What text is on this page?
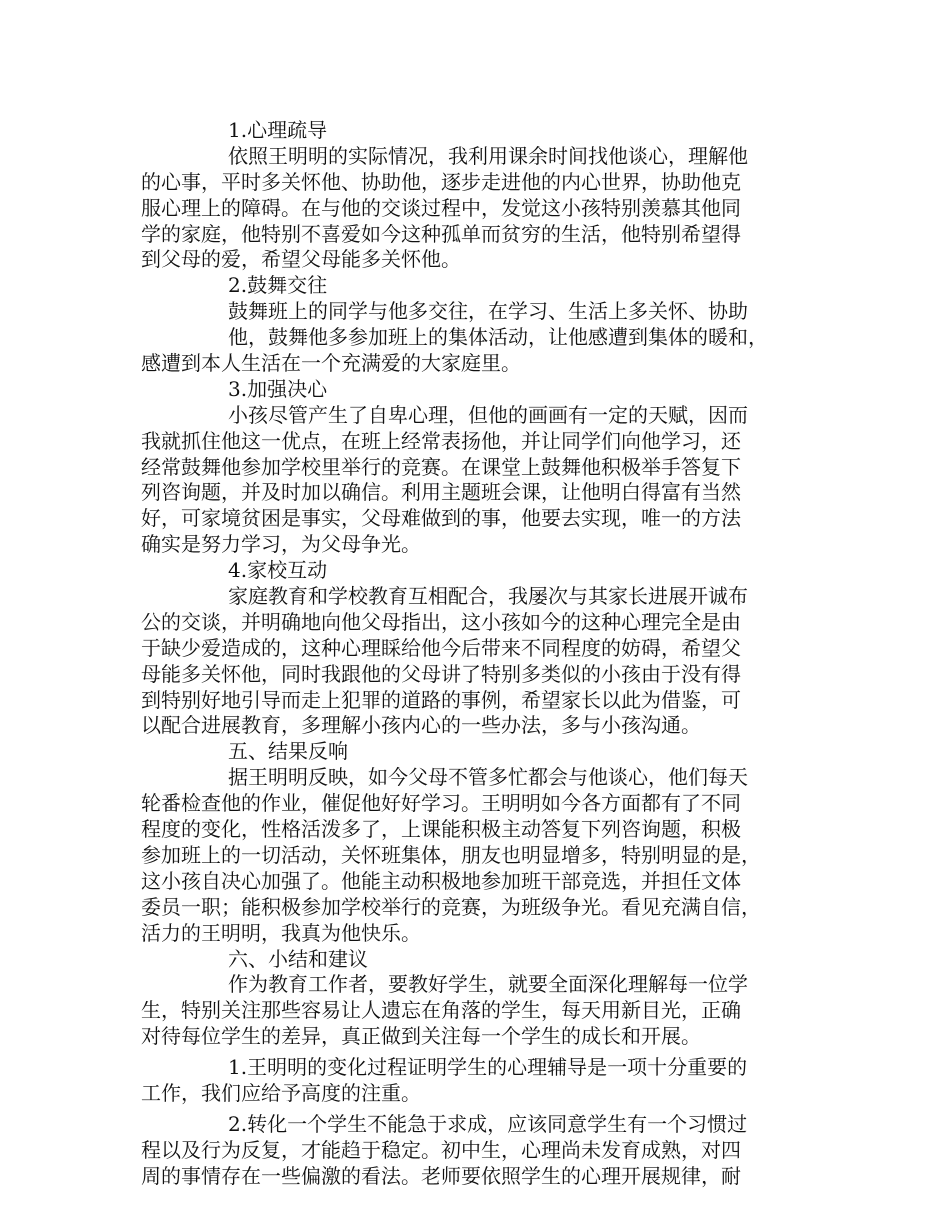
1.心理疏导
依照王明明的实际情况，我利用课余时间找他谈心，理解他
的心事，平时多关怀他、协助他，逐步走进他的内心世界，协助他克
服心理上的障碍。在与他的交谈过程中，发觉这小孩特别羡慕其他同
学的家庭，他特别不喜爱如今这种孤单而贫穷的生活，他特别希望得
到父母的爱，希望父母能多关怀他。
2.鼓舞交往
鼓舞班上的同学与他多交往，在学习、生活上多关怀、协助
他，鼓舞他多参加班上的集体活动，让他感遭到集体的暖和，
感遭到本人生活在一个充满爱的大家庭里。
3.加强决心
小孩尽管产生了自卑心理，但他的画画有一定的天赋，因而
我就抓住他这一优点，在班上经常表扬他，并让同学们向他学习，还
经常鼓舞他参加学校里举行的竞赛。在课堂上鼓舞他积极举手答复下
列咨询题，并及时加以确信。利用主题班会课，让他明白得富有当然
好，可家境贫困是事实，父母难做到的事，他要去实现，唯一的方法
确实是努力学习，为父母争光。
4.家校互动
家庭教育和学校教育互相配合，我屡次与其家长进展开诚布
公的交谈，并明确地向他父母指出，这小孩如今的这种心理完全是由
于缺少爱造成的，这种心理睬给他今后带来不同程度的妨碍，希望父
母能多关怀他，同时我跟他的父母讲了特别多类似的小孩由于没有得
到特别好地引导而走上犯罪的道路的事例，希望家长以此为借鉴，可
以配合进展教育，多理解小孩内心的一些办法，多与小孩沟通。
五、结果反响
据王明明反映，如今父母不管多忙都会与他谈心，他们每天
轮番检查他的作业，催促他好好学习。王明明如今各方面都有了不同
程度的变化，性格活泼多了，上课能积极主动答复下列咨询题，积极
参加班上的一切活动，关怀班集体，朋友也明显增多，特别明显的是，
这小孩自决心加强了。他能主动积极地参加班干部竞选，并担任文体
委员一职；能积极参加学校举行的竞赛，为班级争光。看见充满自信，
活力的王明明，我真为他快乐。
六、小结和建议
作为教育工作者，要教好学生，就要全面深化理解每一位学
生，特别关注那些容易让人遗忘在角落的学生，每天用新目光，正确
对待每位学生的差异，真正做到关注每一个学生的成长和开展。
1.王明明的变化过程证明学生的心理辅导是一项十分重要的
工作，我们应给予高度的注重。
2.转化一个学生不能急于求成，应该同意学生有一个习惯过
程以及行为反复，才能趋于稳定。初中生，心理尚未发育成熟，对四
周的事情存在一些偏激的看法。老师要依照学生的心理开展规律，耐
